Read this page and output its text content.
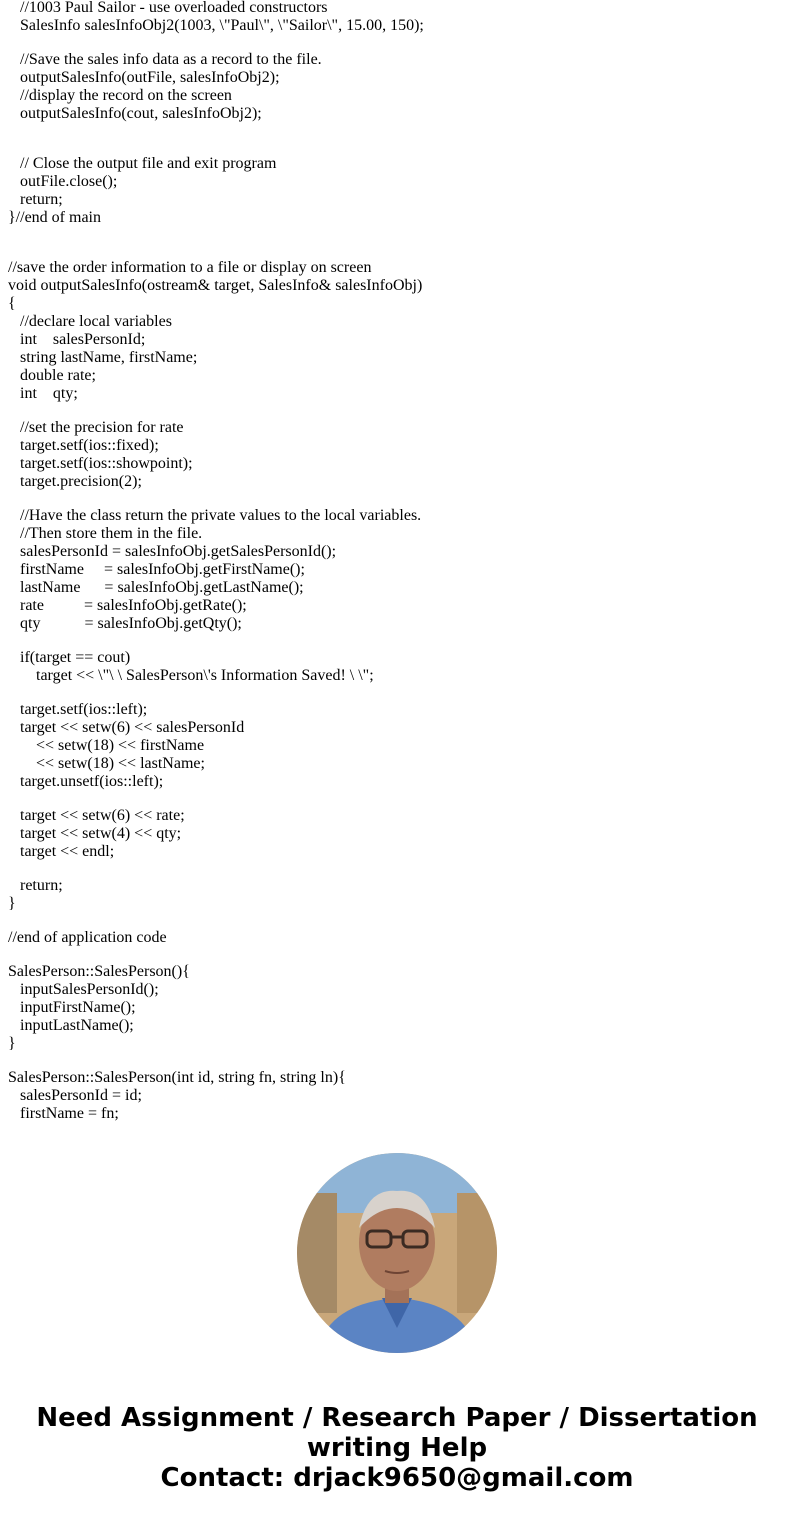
//1003 Paul Sailor - use overloaded constructors
SalesInfo salesInfoObj2(1003, \"Paul\", \"Sailor\", 15.00, 150);
//Save the sales info data as a record to the file.
outputSalesInfo(outFile, salesInfoObj2);
//display the record on the screen
outputSalesInfo(cout, salesInfoObj2);
// Close the output file and exit program
outFile.close();
return;
}//end of main
//save the order information to a file or display on screen
void outputSalesInfo(ostream& target, SalesInfo& salesInfoObj)
{
//declare local variables
int    salesPersonId;
string lastName, firstName;
double rate;
int    qty;
//set the precision for rate
target.setf(ios::fixed);
target.setf(ios::showpoint);
target.precision(2);
//Have the class return the private values to the local variables.
//Then store them in the file.
salesPersonId = salesInfoObj.getSalesPersonId();
firstName     = salesInfoObj.getFirstName();
lastName      = salesInfoObj.getLastName();
rate          = salesInfoObj.getRate();
qty           = salesInfoObj.getQty();
if(target == cout)
target << \"\ \ SalesPerson\'s Information Saved! \ \";
target.setf(ios::left);
target << setw(6) << salesPersonId
<< setw(18) << firstName
<< setw(18) << lastName;
target.unsetf(ios::left);
target << setw(6) << rate;
target << setw(4) << qty;
target << endl;
return;
}
//end of application code
SalesPerson::SalesPerson(){
inputSalesPersonId();
inputFirstName();
inputLastName();
}
SalesPerson::SalesPerson(int id, string fn, string ln){
salesPersonId = id;
firstName = fn;
Need Assignment / Research Paper / Dissertation
writing Help
Contact: drjack9650@gmail.com
